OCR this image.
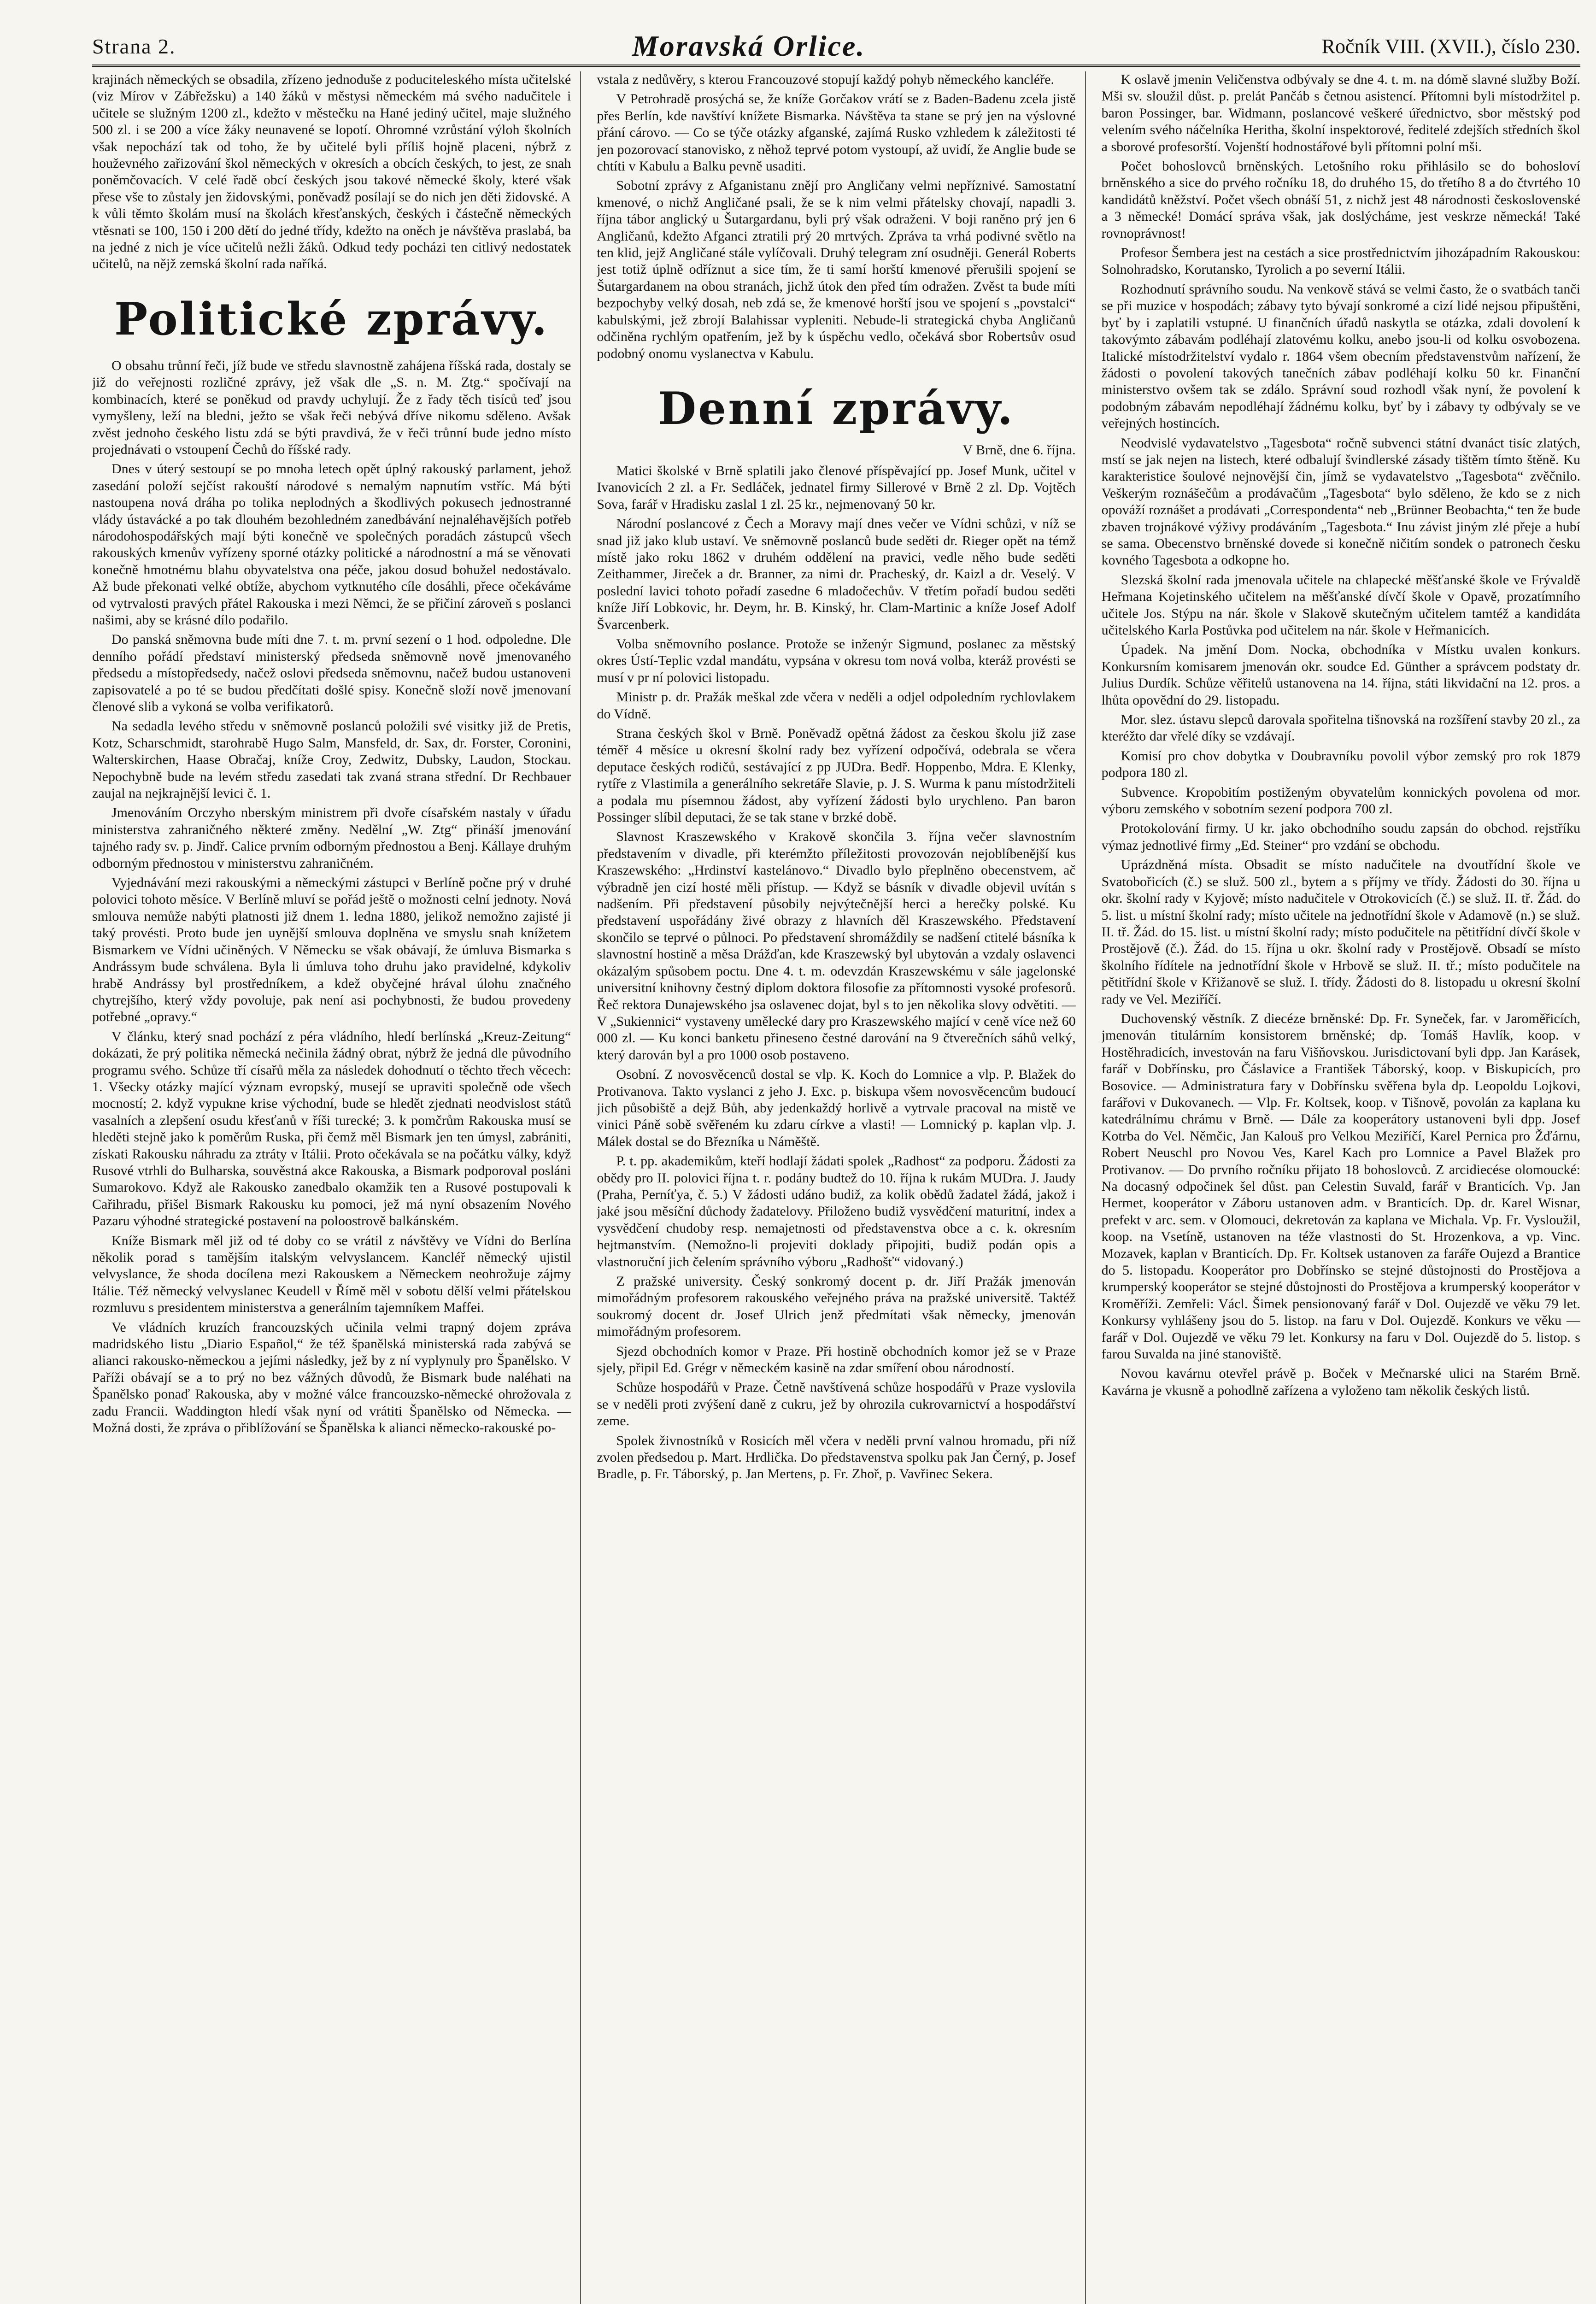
Strana 2.	Moravská Orlice.	Ročník VIII. (XVII.), číslo 230.

krajinách německých se obsadila, zřízeno jednoduše z poduciteleského místa učitelské (viz Mírov v Zábřežsku) a 140 žáků v městysi německém má svého nadučitele i učitele se služným 1200 zl., kdežto v městečku na Hané jediný učitel, maje služného 500 zl. i se 200 a více žáky neunavené se lopotí. Ohromné vzrůstání výloh školních však nepochází tak od toho, že by učitelé byli příliš hojně placeni, nýbrž z houževného zařizování škol německých v okresích a obcích českých, to jest, ze snah poněmčovacích. V celé řadě obcí českých jsou takové německé školy, které však přese vše to zůstaly jen židovskými, poněvadž posílají se do nich jen děti židovské. A k vůli těmto školám musí na školách křesťanských, českých i částečně německých vtěsnati se 100, 150 i 200 dětí do jedné třídy, kdežto na oněch je návštěva praslabá, ba na jedné z nich je více učitelů nežli žáků. Odkud tedy pocházi ten citlivý nedostatek učitelů, na nějž zemská školní rada naříká.

Politické zprávy.

O obsahu trůnní řeči, jíž bude ve středu slavnostně zahájena říšská rada, dostaly se již do veřejnosti rozličné zprávy, jež však dle „S. n. M. Ztg.“ spočívají na kombinacích, které se poněkud od pravdy uchylují. Že z řady těch tisíců teď jsou vymyšleny, leží na bledni, ježto se však řeči nebývá dříve nikomu sděleno. Avšak zvěst jednoho českého listu zdá se býti pravdivá, že v řeči trůnní bude jedno místo projednávati o vstoupení Čechů do říšské rady.

Dnes v úterý sestoupí se po mnoha letech opět úplný rakouský parlament, jehož zasedání položí sejčíst rakouští národové s nemalým napnutím vstříc. Má býti nastoupena nová dráha po tolika neplodných a škodlivých pokusech jednostranné vlády ústavácké a po tak dlouhém bezohledném zanedbávání nejnaléhavějších potřeb národohospodářských mají býti konečně ve společných poradách zástupců všech rakouských kmenův vyřízeny sporné otázky politické a národnostní a má se věnovati konečně hmotnému blahu obyvatelstva ona péče, jakou dosud bohužel nedostávalo. Až bude překonati velké obtíže, abychom vytknutého cíle dosáhli, přece očekáváme od vytrvalosti pravých přátel Rakouska i mezi Němci, že se přičiní zároveň s poslanci našimi, aby se krásné dílo podařilo.

Do panská sněmovna bude míti dne 7. t. m. první sezení o 1 hod. odpoledne. Dle denního pořádí představí ministerský předseda sněmovně nově jmenovaného předsedu a místopředsedy, načež oslovi předseda sněmovnu, načež budou ustanoveni zapisovatelé a po té se budou předčítati došlé spisy. Konečně složí nově jmenovaní členové slib a vykoná se volba verifikatorů.

Na sedadla levého středu v sněmovně poslanců položili své visitky již de Pretis, Kotz, Scharschmidt, starohrabě Hugo Salm, Mansfeld, dr. Sax, dr. Forster, Coronini, Walterskirchen, Haase Obračaj, kníže Croy, Zedwitz, Dubsky, Laudon, Stockau. Nepochybně bude na levém středu zasedati tak zvaná strana střední. Dr Rechbauer zaujal na nejkrajnější levici č. 1.

Jmenováním Orczyho nberským ministrem při dvoře císařském nastaly v úřadu ministerstva zahraničného některé změny. Nedělní „W. Ztg“ přináší jmenování tajného rady sv. p. Jindř. Calice prvním odborným přednostou a Benj. Kállaye druhým odborným přednostou v ministerstvu zahraničném.

Vyjednávání mezi rakouskými a německými zástupci v Berlíně počne prý v druhé polovici tohoto měsíce. V Berlíně mluví se pořád ještě o možnosti celní jednoty. Nová smlouva nemůže nabýti platnosti již dnem 1. ledna 1880, jelikož nemožno zajisté ji taký provésti. Proto bude jen uynější smlouva doplněna ve smyslu snah knížetem Bismarkem ve Vídni učiněných. V Německu se však obávají, že úmluva Bismarka s Andrássym bude schválena. Byla li úmluva toho druhu jako pravidelné, kdykoliv hrabě Andrássy byl prostředníkem, a kdež obyčejné hrával úlohu značného chytrejšího, který vždy povoluje, pak není asi pochybnosti, že budou provedeny potřebné „opravy.“

V článku, který snad pochází z péra vládního, hledí berlínská „Kreuz-Zeitung“ dokázati, že prý politika německá nečinila žádný obrat, nýbrž že jedná dle původního programu svého. Schůze tří císařů měla za následek dohodnutí o těchto třech věcech: 1. Všecky otázky mající význam evropský, musejí se upraviti společně ode všech mocností; 2. když vypukne krise východní, bude se hledět zjednati neodvislost států vasalních a zlepšení osudu křesťanů v říši turecké; 3. k pomčrům Rakouska musí se hleděti stejně jako k poměrům Ruska, při čemž měl Bismark jen ten úmysl, zabrániti, získati Rakousku náhradu za ztráty v Itálii. Proto očekávala se na počátku války, když Rusové vtrhli do Bulharska, souvěstná akce Rakouska, a Bismark podporoval posláni Sumarokovo. Když ale Rakousko zanedbalo okamžik ten a Rusové postupovali k Cařihradu, přišel Bismark Rakousku ku pomoci, jež má nyní obsazením Nového Pazaru výhodné strategické postavení na poloostrově balkánském.

Kníže Bismark měl již od té doby co se vrátil z návštěvy ve Vídni do Berlína několik porad s tamějším italským velvyslancem. Kancléř německý ujistil velvyslance, že shoda docílena mezi Rakouskem a Německem neohrožuje zájmy Itálie. Též německý velvyslanec Keudell v Římě měl v sobotu dělší velmi přátelskou rozmluvu s presidentem ministerstva a generálním tajemníkem Maffei.

Ve vládních kruzích francouzských učinila velmi trapný dojem zpráva madridského listu „Diario Español,“ že též španělská ministerská rada zabývá se alianci rakousko-německou a jejími následky, jež by z ní vyplynuly pro Španělsko. V Paříži obávají se a to prý no bez vážných důvodů, že Bismark bude naléhati na Španělsko ponaď Rakouska, aby v možné válce francouzsko-německé ohrožovala z zadu Francii. Waddington hledí však nyní od vrátiti Španělsko od Německa. — Možná dosti, že zpráva o přiblížování se Španělska k alianci německo-rakouské po-

vstala z nedůvěry, s kterou Francouzové stopují každý pohyb německého kancléře.

V Petrohradě prosýchá se, že kníže Gorčakov vrátí se z Baden-Badenu zcela jistě přes Berlín, kde navštíví knížete Bismarka. Návštěva ta stane se prý jen na výslovné přání cárovo. — Co se týče otázky afganské, zajímá Rusko vzhledem k záležitosti té jen pozorovací stanovisko, z něhož teprvé potom vystoupí, až uvidí, že Anglie bude se chtíti v Kabulu a Balku pevně usaditi.

Sobotní zprávy z Afganistanu znějí pro Angličany velmi nepříznivé. Samostatní kmenové, o nichž Angličané psali, že se k nim velmi přátelsky chovají, napadli 3. října tábor anglický u Šutargardanu, byli prý však odraženi. V boji raněno prý jen 6 Angličanů, kdežto Afganci ztratili prý 20 mrtvých. Zpráva ta vrhá podivné světlo na ten klid, jejž Angličané stále vylíčovali. Druhý telegram zní osudněji. Generál Roberts jest totiž úplně odříznut a sice tím, že ti samí horští kmenové přerušili spojení se Šutargardanem na obou stranách, jichž útok den před tím odražen. Zvěst ta bude míti bezpochyby velký dosah, neb zdá se, že kmenové horští jsou ve spojení s „povstalci“ kabulskými, jež zbrojí Balahissar vypleniti. Nebude-li strategická chyba Angličanů odčiněna rychlým opatřením, jež by k úspěchu vedlo, očekává sbor Robertsův osud podobný onomu vyslanectva v Kabulu.

Denní zprávy.
V Brně, dne 6. října.

Matici školské v Brně splatili jako členové příspěvající pp. Josef Munk, učitel v Ivanovicích 2 zl. a Fr. Sedláček, jednatel firmy Sillerové v Brně 2 zl. Dp. Vojtěch Sova, farář v Hradisku zaslal 1 zl. 25 kr., nejmenovaný 50 kr.

Národní poslancové z Čech a Moravy mají dnes večer ve Vídni schůzi, v níž se snad již jako klub ustaví. Ve sněmovně poslanců bude seděti dr. Rieger opět na témž místě jako roku 1862 v druhém oddělení na pravici, vedle něho bude seděti Zeithammer, Jireček a dr. Branner, za nimi dr. Pracheský, dr. Kaizl a dr. Veselý. V poslední lavici tohoto pořadí zasedne 6 mladočechův. V třetím pořadí budou seděti kníže Jiří Lobkovic, hr. Deym, hr. B. Kinský, hr. Clam-Martinic a kníže Josef Adolf Švarcenberk.

Volba sněmovního poslance. Protože se inženýr Sigmund, poslanec za městský okres Ústí-Teplic vzdal mandátu, vypsána v okresu tom nová volba, kteráž provésti se musí v pr ní polovici listopadu.

Ministr p. dr. Pražák meškal zde včera v neděli a odjel odpoledním rychlovlakem do Vídně.

Strana českých škol v Brně. Poněvadž opětná žádost za českou školu již zase téměř 4 měsíce u okresní školní rady bez vyřízení odpočívá, odebrala se včera deputace českých rodičů, sestávající z pp JUDra. Bedř. Hoppenbo, Mdra. E Klenky, rytíře z Vlastimila a generálního sekretáře Slavie, p. J. S. Wurma k panu místodržiteli a podala mu písemnou žádost, aby vyřízení žádosti bylo urychleno. Pan baron Possinger slíbil deputaci, že se tak stane v brzké době.

Slavnost Kraszewského v Krakově skončila 3. října večer slavnostním představením v divadle, při kterémžto příležitosti provozován nejoblíbenější kus Kraszewského: „Hrdinství kastelánovo.“ Divadlo bylo přeplněno obecenstvem, ač výbradně jen cizí hosté měli přístup. — Když se básník v divadle objevil uvítán s nadšením. Při představení působily nejvýtečnější herci a herečky polské. Ku představení uspořádány živé obrazy z hlavních děl Kraszewského. Představení skončilo se teprvé o půlnoci. Po představení shromáždily se nadšení ctitelé básníka k slavnostní hostině a měsa Drážďan, kde Kraszewský byl ubytován a vzdaly oslavenci okázalým spůsobem poctu. Dne 4. t. m. odevzdán Kraszewskému v sále jagelonské universitní knihovny čestný diplom doktora filosofie za přítomnosti vysoké profesorů. Řeč rektora Dunajewského jsa oslavenec dojat, byl s to jen několika slovy odvětiti. — V „Sukiennici“ vystaveny umělecké dary pro Kraszewského mající v ceně více než 60 000 zl. — Ku konci banketu přineseno čestné darování na 9 čtverečních sáhů velký, který darován byl a pro 1000 osob postaveno.

Osobní. Z novosvěcenců dostal se vlp. K. Koch do Lomnice a vlp. P. Blažek do Protivanova. Takto vyslanci z jeho J. Exc. p. biskupa všem novosvěcencům budoucí jich působiště a dejž Bůh, aby jedenkaždý horlivě a vytrvale pracoval na mistě ve vinici Páně sobě svěřeném ku zdaru církve a vlasti! — Lomnický p. kaplan vlp. J. Málek dostal se do Březníka u Náměště.

P. t. pp. akademikům, kteří hodlají žádati spolek „Radhost“ za podporu. Žádosti za obědy pro II. polovici října t. r. podány budtež do 10. října k rukám MUDra. J. Jaudy (Praha, Perníťya, č. 5.) V žádosti udáno budiž, za kolik obědů žadatel žádá, jakož i jaké jsou měsíční důchody žadatelovy. Přiloženo budiž vysvědčení maturitní, index a vysvědčení chudoby resp. nemajetnosti od představenstva obce a c. k. okresním hejtmanstvím. (Nemožno-li projeviti doklady připojiti, budiž podán opis a vlastnoruční jich čelením správního výboru „Radhošť“ vidovaný.)

Z pražské university. Český sonkromý docent p. dr. Jiří Pražák jmenován mimořádným profesorem rakouského veřejného práva na pražské universitě. Taktéž soukromý docent dr. Josef Ulrich jenž předmítati však německy, jmenován mimořádným profesorem.

Sjezd obchodních komor v Praze. Při hostině obchodních komor jež se v Praze sjely, připil Ed. Grégr v německém kasině na zdar smíření obou národností.

Schůze hospodářů v Praze. Četně navštívená schůze hospodářů v Praze vyslovila se v neděli proti zvýšení daně z cukru, jež by ohrozila cukrovarnictví a hospodářství zeme.

Spolek živnostníků v Rosicích měl včera v neděli první valnou hromadu, při níž zvolen předsedou p. Mart. Hrdlička. Do představenstva spolku pak Jan Černý, p. Josef Bradle, p. Fr. Táborský, p. Jan Mertens, p. Fr. Zhoř, p. Vavřinec Sekera.

K oslavě jmenin Veličenstva odbývaly se dne 4. t. m. na dómě slavné služby Boží. Mši sv. sloužil důst. p. prelát Pančáb s četnou asistencí. Přítomni byli místodržitel p. baron Possinger, bar. Widmann, poslancové veškeré úřednictvo, sbor městský pod velením svého náčelníka Heritha, školní inspektorové, ředitelé zdejších středních škol a sborové profesorští. Vojenští hodnostářové byli přítomni polní mši.

Počet bohoslovců brněnských. Letošního roku přihlásilo se do bohosloví brněnského a sice do prvého ročníku 18, do druhého 15, do třetího 8 a do čtvrtého 10 kandidátů kněžství. Počet všech obnáší 51, z nichž jest 48 národnosti československé a 3 německé! Domácí správa však, jak doslýcháme, jest veskrze německá! Také rovnoprávnost!

Profesor Šembera jest na cestách a sice prostřednictvím jihozápadním Rakouskou: Solnohradsko, Korutansko, Tyrolich a po severní Itálii.

Rozhodnutí správního soudu. Na venkově stává se velmi často, že o svatbách tanči se při muzice v hospodách; zábavy tyto bývají sonkromé a cizí lidé nejsou připuštěni, byť by i zaplatili vstupné. U finančních úřadů naskytla se otázka, zdali dovolení k takovýmto zábavám podléhají zlatovému kolku, anebo jsou-li od kolku osvobozena. Italické místodržitelství vydalo r. 1864 všem obecním představenstvům nařízení, že žádosti o povolení takových tanečních zábav podléhají kolku 50 kr. Finanční ministerstvo ovšem tak se zdálo. Správní soud rozhodl však nyní, že povolení k podobným zábavám nepodléhají žádnému kolku, byť by i zábavy ty odbývaly se ve veřejných hostincích.

Neodvislé vydavatelstvo „Tagesbota“ ročně subvenci státní dvanáct tisíc zlatých, mstí se jak nejen na listech, které odbalují švindlerské zásady tištěm tímto štěně. Ku karakteristice šoulové nejnovější čin, jímž se vydavatelstvo „Tagesbota“ zvěčnilo. Veškerým roznášečům a prodávačům „Tagesbota“ bylo sděleno, že kdo se z nich opováží roznášet a prodávati „Correspondenta“ neb „Brünner Beobachta,“ ten že bude zbaven trojnákové výživy prodáváním „Tagesbota.“ Inu závist jiným zlé přeje a hubí se sama. Obecenstvo brněnské dovede si konečně ničitím sondek o patronech česku kovného Tagesbota a odkopne ho.

Slezská školní rada jmenovala učitele na chlapecké měšťanské škole ve Frývaldě Heřmana Kojetinského učitelem na měšťanské dívčí škole v Opavě, prozatímního učitele Jos. Stýpu na nár. škole v Slakově skutečným učitelem tamtéž a kandidáta učitelského Karla Postůvka pod učitelem na nár. škole v Heřmanicích.

Úpadek. Na jmění Dom. Nocka, obchodníka v Místku uvalen konkurs. Konkursním komisarem jmenován okr. soudce Ed. Günther a správcem podstaty dr. Julius Durdík. Schůze věřitelů ustanovena na 14. října, státi likvidační na 12. pros. a lhůta opovědní do 29. listopadu.

Mor. slez. ústavu slepců darovala spořitelna tišnovská na rozšíření stavby 20 zl., za kteréžto dar vřelé díky se vzdávají.

Komisí pro chov dobytka v Doubravníku povolil výbor zemský pro rok 1879 podpora 180 zl.

Subvence. Kropobitím postiženým obyvatelům konnických povolena od mor. výboru zemského v sobotním sezení podpora 700 zl.

Protokolování firmy. U kr. jako obchodního soudu zapsán do obchod. rejstříku výmaz jednotlivé firmy „Ed. Steiner“ pro vzdání se obchodu.

Uprázdněná místa. Obsadit se místo nadučitele na dvoutřídní škole ve Svatobořicích (č.) se služ. 500 zl., bytem a s příjmy ve třídy. Žádosti do 30. října u okr. školní rady v Kyjově; místo nadučitele v Otrokovicích (č.) se služ. II. tř. Žád. do 5. list. u místní školní rady; místo učitele na jednotřídní škole v Adamově (n.) se služ. II. tř. Žád. do 15. list. u místní školní rady; místo podučitele na pětitřídní dívčí škole v Prostějově (č.). Žád. do 15. října u okr. školní rady v Prostějově. Obsadí se místo školního řídítele na jednotřídní škole v Hrbově se služ. II. tř.; místo podučitele na pětitřídní škole v Křižanově se služ. I. třídy. Žádosti do 8. listopadu u okresní školní rady ve Vel. Meziříčí.

Duchovenský věstník. Z diecéze brněnské: Dp. Fr. Syneček, far. v Jaroměřicích, jmenován titulárním konsistorem brněnské; dp. Tomáš Havlík, koop. v Hostěhradicích, investován na faru Višňovskou. Jurisdictovaní byli dpp. Jan Karásek, farář v Dobřínsku, pro Čáslavice a František Táborský, koop. v Biskupicích, pro Bosovice. — Administratura fary v Dobřínsku svěřena byla dp. Leopoldu Lojkovi, farářovi v Dukovanech. — Vlp. Fr. Koltsek, koop. v Tišnově, povolán za kaplana ku katedrálnímu chrámu v Brně. — Dále za kooperátory ustanoveni byli dpp. Josef Kotrba do Vel. Němčic, Jan Kalouš pro Velkou Meziříčí, Karel Pernica pro Žďárnu, Robert Neuschl pro Novou Ves, Karel Kach pro Lomnice a Pavel Blažek pro Protivanov. — Do prvního ročníku přijato 18 bohoslovců. Z arcidiecése olomoucké: Na docasný odpočinek šel důst. pan Celestin Suvald, farář v Branticích. Vp. Jan Hermet, kooperátor v Záboru ustanoven adm. v Branticích. Dp. dr. Karel Wisnar, prefekt v arc. sem. v Olomouci, dekretován za kaplana ve Michala. Vp. Fr. Vysloužil, koop. na Vsetíně, ustanoven na téže vlastnosti do St. Hrozenkova, a vp. Vinc. Mozavek, kaplan v Branticích. Dp. Fr. Koltsek ustanoven za faráře Oujezd a Brantice do 5. listopadu. Kooperátor pro Dobřínsko se stejné důstojnosti do Prostějova a krumperský kooperátor se stejné důstojnosti do Prostějova a krumperský kooperátor v Kroměříži. Zemřeli: Václ. Šimek pensionovaný farář v Dol. Oujezdě ve věku 79 let. Konkursy vyhlášeny jsou do 5. listop. na faru v Dol. Oujezdě. Konkurs ve věku — farář v Dol. Oujezdě ve věku 79 let. Konkursy na faru v Dol. Oujezdě do 5. listop. s farou Suvalda na jiné stanoviště.

Novou kavárnu otevřel právě p. Boček v Mečnarské ulici na Starém Brně. Kavárna je vkusně a pohodlně zařízena a vyloženo tam několik českých listů.
